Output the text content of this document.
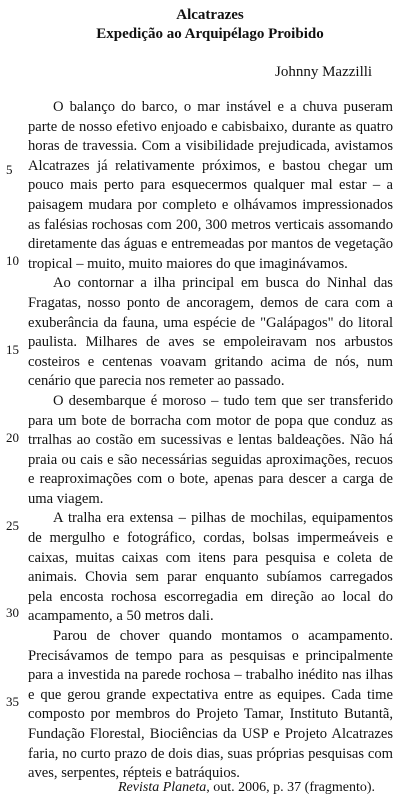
Alcatrazes
Expedição ao Arquipélago Proibido
Johnny Mazzilli
5
10
15
20
25
30
35

O balanço do barco, o mar instável e a chuva puseram parte de nosso efetivo enjoado e cabisbaixo, durante as quatro horas de travessia. Com a visibilidade prejudicada, avistamos Alcatrazes já relativamente próximos, e bastou chegar um pouco mais perto para esquecermos qualquer mal estar – a paisagem mudara por completo e olhávamos impressionados as falésias rochosas com 200, 300 metros verticais assomando diretamente das águas e entremeadas por mantos de vegetação tropical – muito, muito maiores do que imaginávamos.

Ao contornar a ilha principal em busca do Ninhal das Fragatas, nosso ponto de ancoragem, demos de cara com a exuberância da fauna, uma espécie de "Galápagos" do litoral paulista. Milhares de aves se empoleiravam nos arbustos costeiros e centenas voavam gritando acima de nós, num cenário que parecia nos remeter ao passado.

O desembarque é moroso – tudo tem que ser transferido para um bote de borracha com motor de popa que conduz as trralhas ao costão em sucessivas e lentas baldeações. Não há praia ou cais e são necessárias seguidas aproximações, recuos e reaproximações com o bote, apenas para descer a carga de uma viagem.

A tralha era extensa – pilhas de mochilas, equipamentos de mergulho e fotográfico, cordas, bolsas impermeáveis e caixas, muitas caixas com itens para pesquisa e coleta de animais. Chovia sem parar enquanto subíamos carregados pela encosta rochosa escorregadia em direção ao local do acampamento, a 50 metros dali.

Parou de chover quando montamos o acampamento. Precisávamos de tempo para as pesquisas e principalmente para a investida na parede rochosa – trabalho inédito nas ilhas e que gerou grande expectativa entre as equipes. Cada time composto por membros do Projeto Tamar, Instituto Butantã, Fundação Florestal, Biociências da USP e Projeto Alcatrazes faria, no curto prazo de dois dias, suas próprias pesquisas com aves, serpentes, répteis e batráquios.

Revista Planeta, out. 2006, p. 37 (fragmento).
